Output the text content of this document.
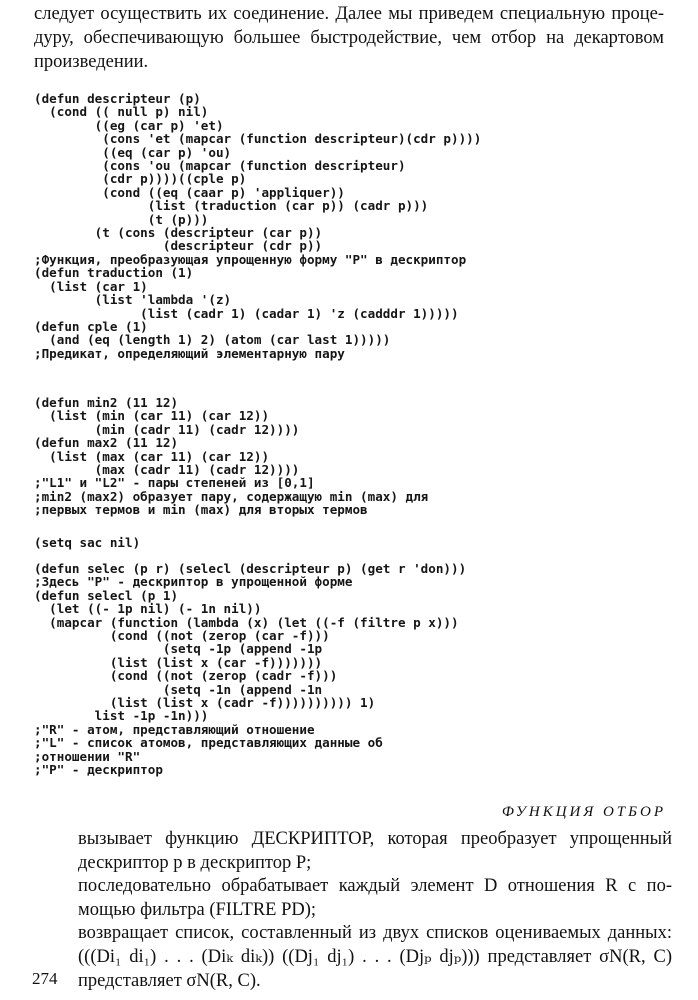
следует осуществить их соединение. Далее мы приведем специальную проце-
дуру, обеспечивающую большее быстродействие, чем отбор на декартовом
произведении.
(defun descripteur (p)
(cond (( null p) nil)
((eg (car p) 'et)
(cons 'et (mapcar (function descripteur)(cdr p))))
((eq (car p) 'ou)
(cons 'ou (mapcar (function descripteur)
(cdr p))))((cple p)
(cond ((eq (caar p) 'appliquer))
(list (traduction (car p)) (cadr p)))
(t (p)))
(t (cons (descripteur (car p))
(descripteur (cdr p))
;Функция, преобразующая упрощенную форму "P" в дескриптор
(defun traduction (1)
(list (car 1)
(list 'lambda '(z)
(list (cadr 1) (cadar 1) 'z (cadddr 1)))))
(defun cple (1)
(and (eq (length 1) 2) (atom (car last 1)))))
;Предикат, определяющий элементарную пару
(defun min2 (11 12)
(list (min (car 11) (car 12))
(min (cadr 11) (cadr 12))))
(defun max2 (11 12)
(list (max (car 11) (car 12))
(max (cadr 11) (cadr 12))))
;"L1" и "L2" - пары степеней из [0,1]
;min2 (max2) образует пару, содержащую min (max) для
;первых термов и min (max) для вторых термов
(setq sac nil)
(defun selec (p r) (selecl (descripteur p) (get r 'don)))
;Здесь "P" - дескриптор в упрощенной форме
(defun selecl (p 1)
(let ((- 1p nil) (- 1n nil))
(mapcar (function (lambda (x) (let ((-f (filtre p x)))
(cond ((not (zerop (car -f)))
(setq -1p (append -1p
(list (list x (car -f)))))))
(cond ((not (zerop (cadr -f)))
(setq -1n (append -1n
(list (list x (cadr -f)))))))))) 1)
list -1p -1n)))
;"R" - атом, представляющий отношение
;"L" - список атомов, представляющих данные об
;отношении "R"
;"P" - дескриптор
ФУНКЦИЯ ОТБОР
вызывает функцию ДЕСКРИПТОР, которая преобразует упрощенный
дескриптор p в дескриптор P;
последовательно обрабатывает каждый элемент D отношения R с по-
мощью фильтра (FILTRE PD);
возвращает список, составленный из двух списков оцениваемых данных:
(((Di₁ di₁) . . . (Diₖ diₖ)) ((Dj₁ dj₁) . . . (Djₚ djₚ))) представляет σN(R, C)
представляет σN(R, C).
274
